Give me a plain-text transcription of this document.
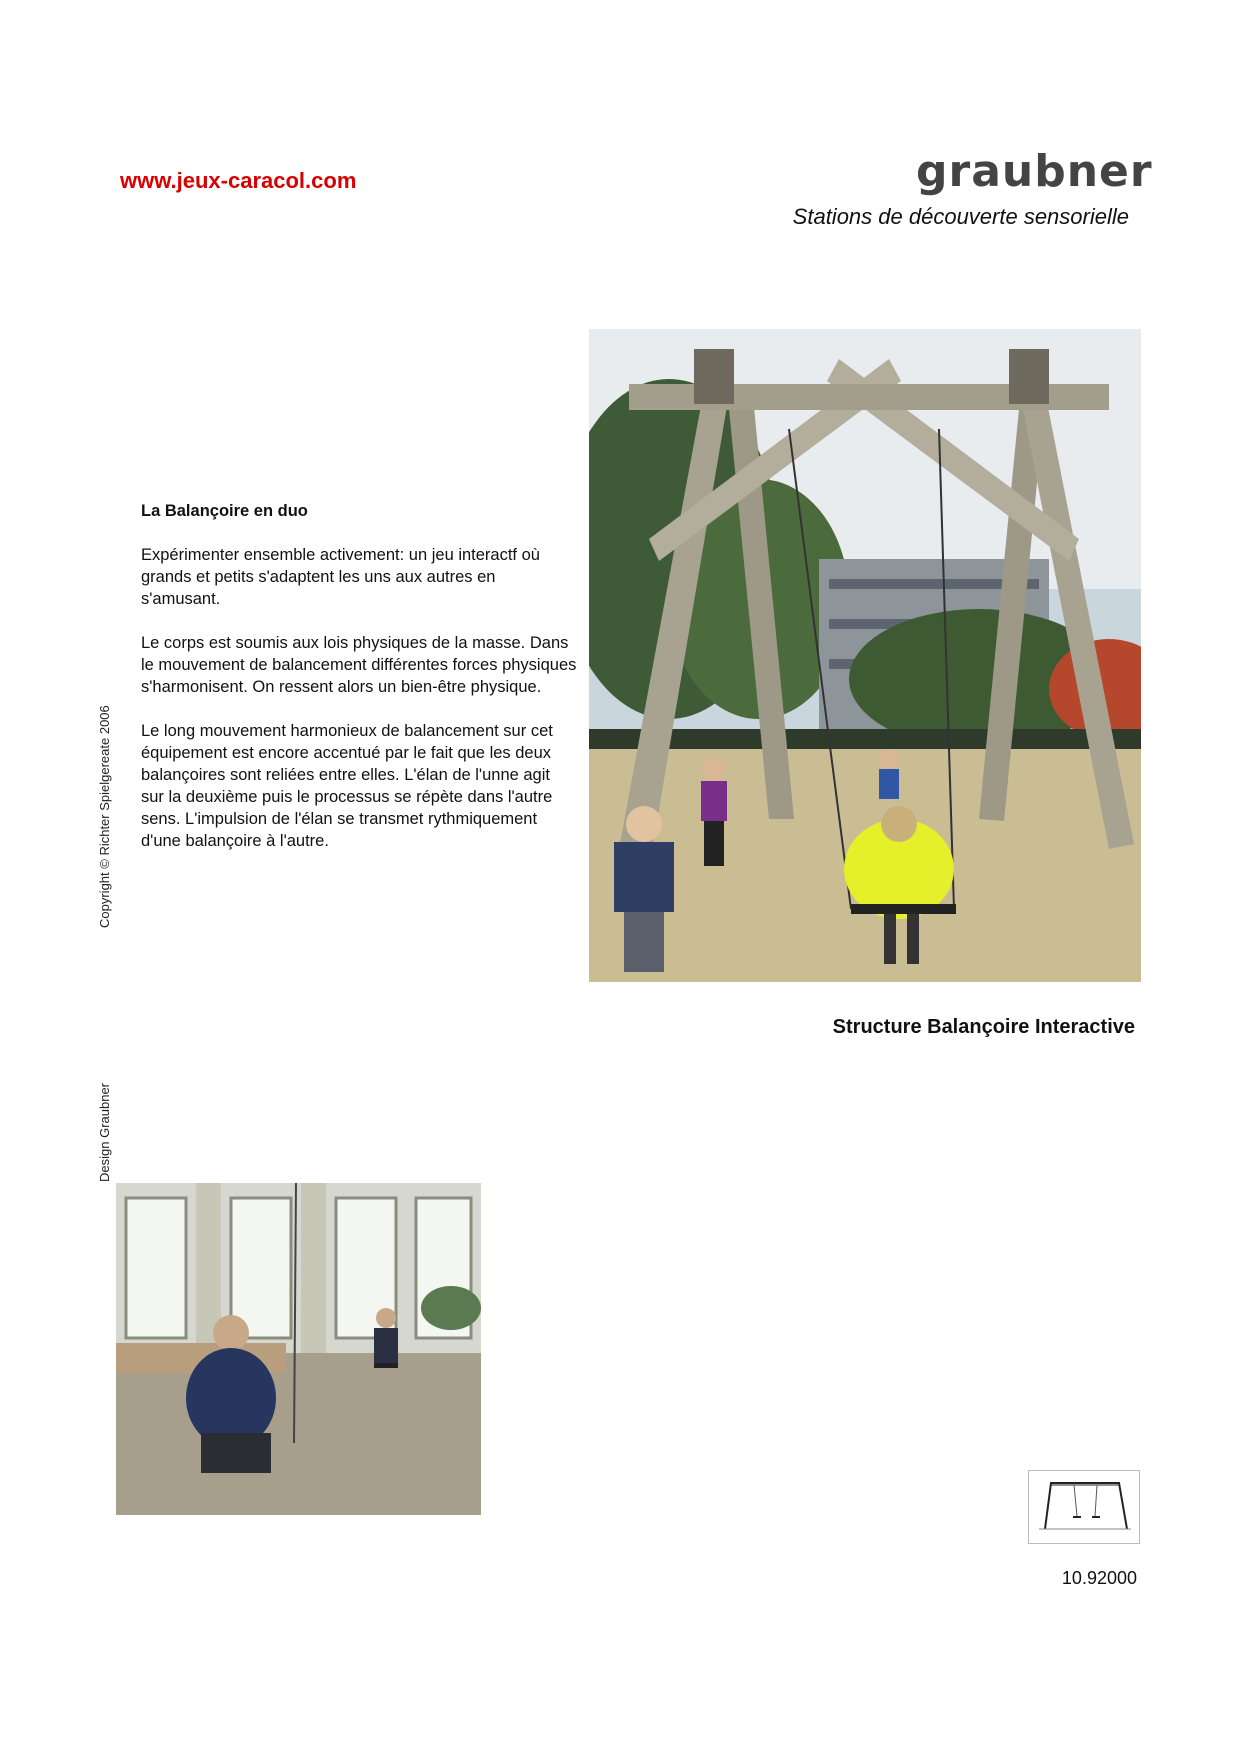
www.jeux-caracol.com	graubner
Stations de découverte sensorielle
La Balançoire en duo

Expérimenter ensemble activement: un jeu interactf où grands et petits s'adaptent les uns aux autres en s'amusant.

Le corps est soumis aux lois physiques de la masse. Dans le mouvement de balancement différentes forces physiques s'harmonisent. On ressent alors un bien-être physique.

Le long mouvement harmonieux de balancement sur cet équipement est encore accentué par le fait que les deux balançoires sont reliées entre elles. L'élan de l'unne agit sur la deuxième puis le processus se répète dans l'autre sens. L'impulsion de l'élan se transmet rythmiquement d'une balançoire à l'autre.

Structure Balançoire Interactive
Copyright © Richter Spielgereate 2006
Design Graubner
10.92000
